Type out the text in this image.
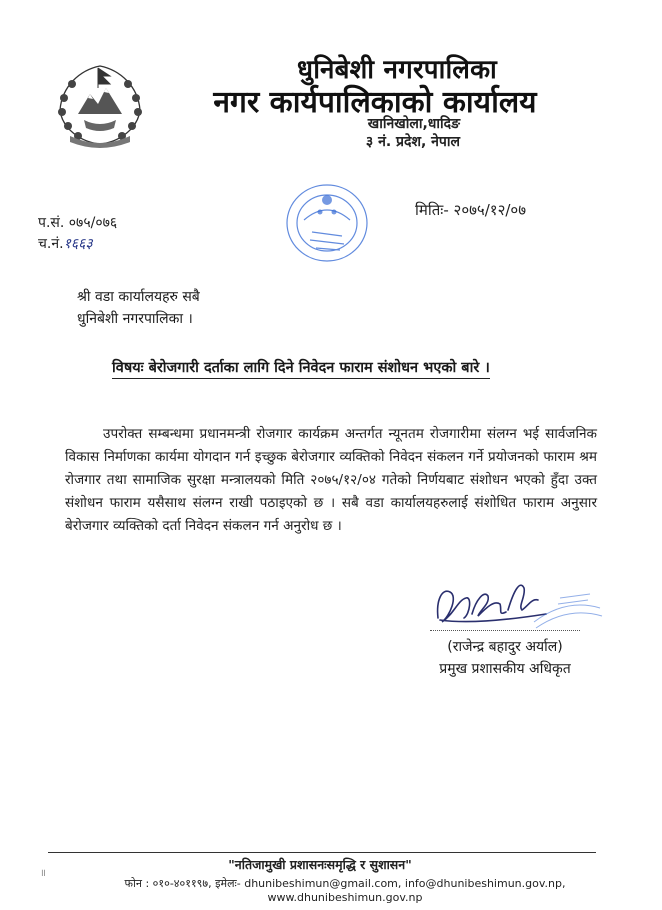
धुनिबेशी नगरपालिका
नगर कार्यपालिकाको कार्यालय
खानिखोला,धादिङ
३ नं. प्रदेश, नेपाल
प.सं. ०७५/०७६
च.नं.१६६३
मितिः- २०७५/१२/०७
श्री वडा कार्यालयहरु सबै
धुनिबेशी नगरपालिका ।
विषयः बेरोजगारी दर्ताका लागि दिने निवेदन फाराम संशोधन भएको बारे ।
उपरोक्त सम्बन्धमा प्रधानमन्त्री रोजगार कार्यक्रम अन्तर्गत न्यूनतम रोजगारीमा संलग्न भई सार्वजनिक विकास निर्माणका कार्यमा योगदान गर्न इच्छुक बेरोजगार व्यक्तिको निवेदन संकलन गर्ने प्रयोजनको फाराम श्रम रोजगार तथा सामाजिक सुरक्षा मन्त्रालयको मिति २०७५/१२/०४ गतेको निर्णयबाट संशोधन भएको हुँदा उक्त संशोधन फाराम यसैसाथ संलग्न राखी पठाइएको छ । सबै वडा कार्यालयहरुलाई संशोधित फाराम अनुसार बेरोजगार व्यक्तिको दर्ता निवेदन संकलन गर्न अनुरोध छ ।
(राजेन्द्र बहादुर अर्याल)
प्रमुख प्रशासकीय अधिकृत
॥
"नतिजामुखी प्रशासनःसमृद्धि र सुशासन"
फोन : ०१०-४०११९७, इमेलः- dhunibeshimun@gmail.com, info@dhunibeshimun.gov.np, www.dhunibeshimun.gov.np
